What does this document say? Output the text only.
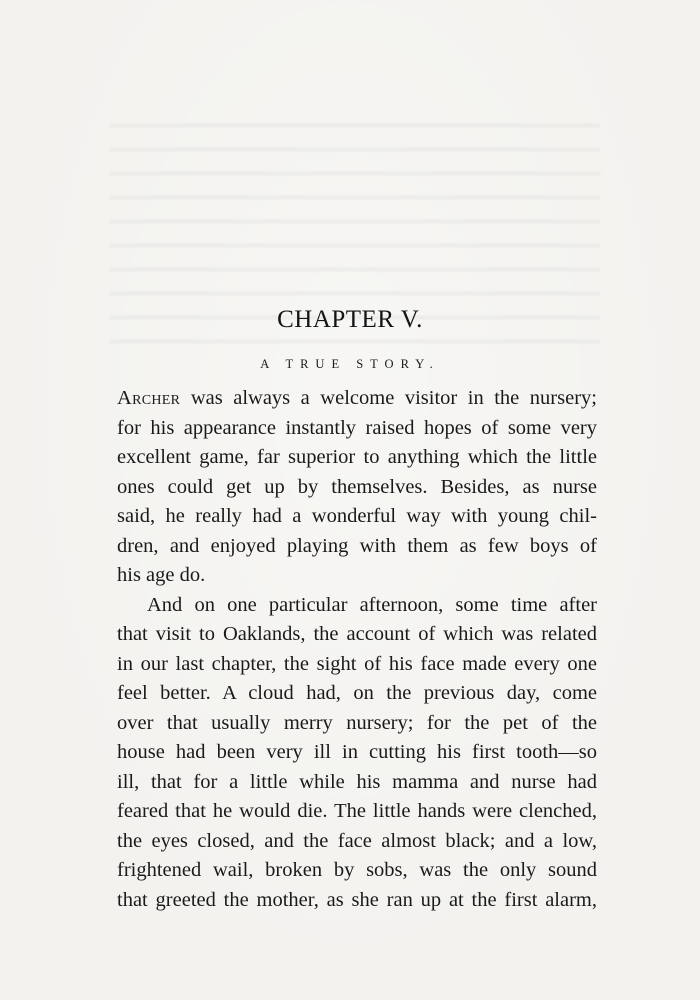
CHAPTER V.
A TRUE STORY.
Archer was always a welcome visitor in the nursery;
for his appearance instantly raised hopes of some very
excellent game, far superior to anything which the little
ones could get up by themselves. Besides, as nurse
said, he really had a wonderful way with young chil-
dren, and enjoyed playing with them as few boys of
his age do.
And on one particular afternoon, some time after
that visit to Oaklands, the account of which was related
in our last chapter, the sight of his face made every one
feel better. A cloud had, on the previous day, come
over that usually merry nursery; for the pet of the
house had been very ill in cutting his first tooth—so
ill, that for a little while his mamma and nurse had
feared that he would die. The little hands were clenched,
the eyes closed, and the face almost black; and a low,
frightened wail, broken by sobs, was the only sound
that greeted the mother, as she ran up at the first alarm,
